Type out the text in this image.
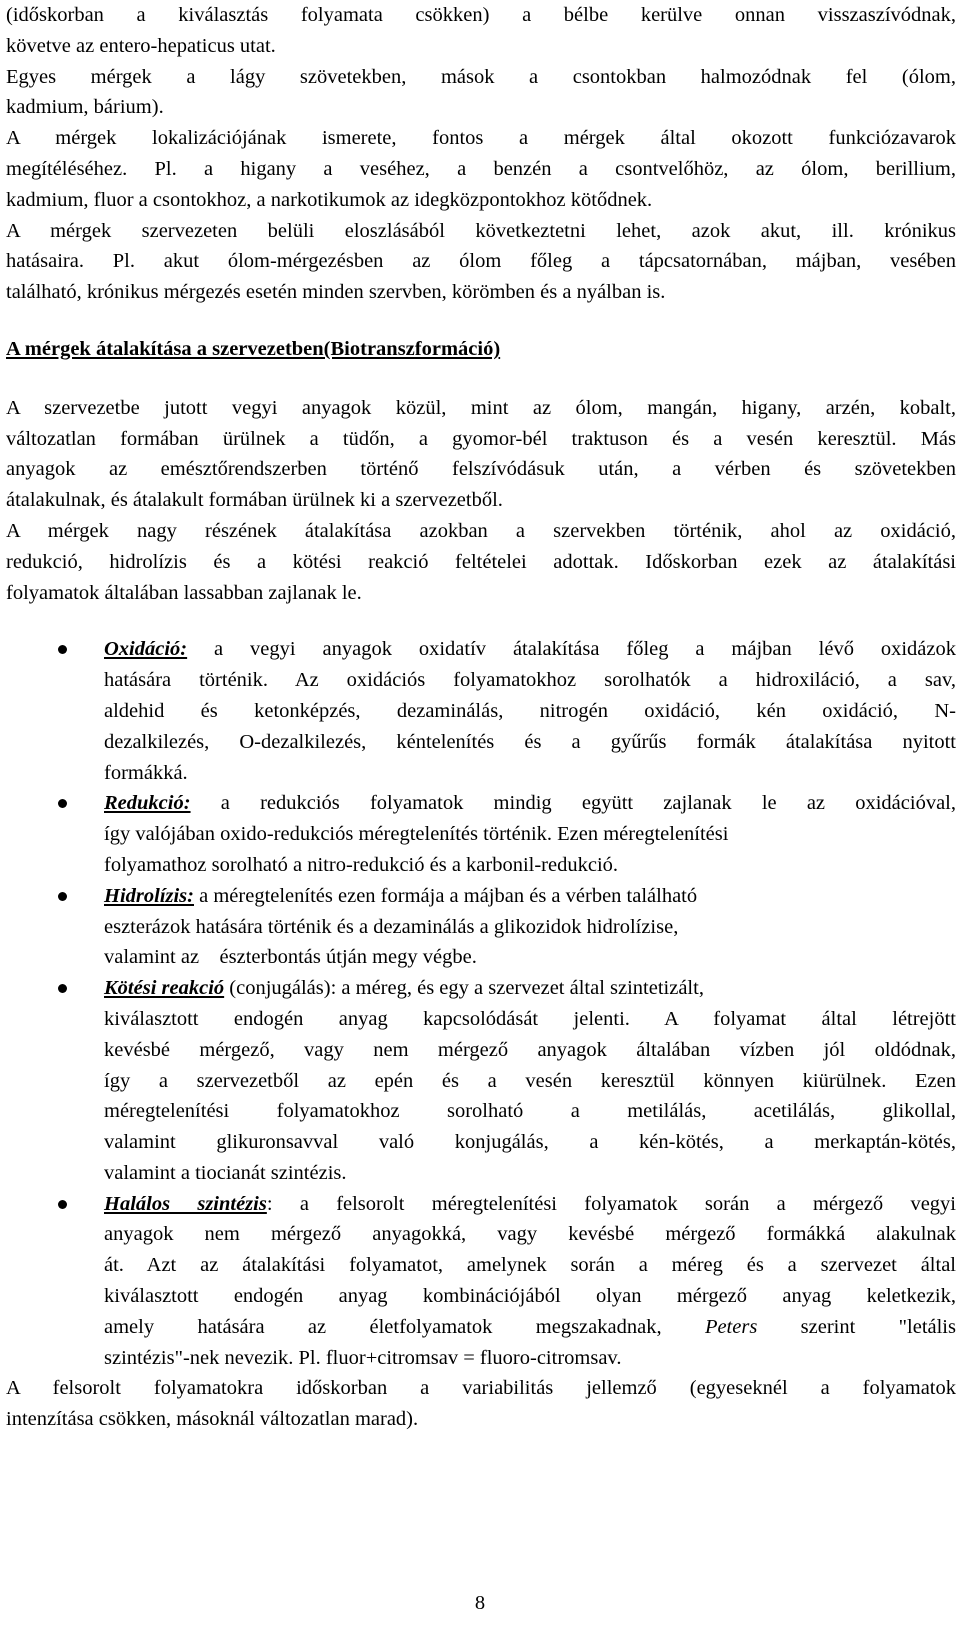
(időskorban a kiválasztás folyamata csökken) a bélbe kerülve onnan visszaszívódnak,
követve az entero-hepaticus utat.
Egyes mérgek a lágy szövetekben, mások a csontokban halmozódnak fel (ólom,
kadmium, bárium).
A mérgek lokalizációjának ismerete, fontos a mérgek által okozott funkciózavarok
megítéléséhez. Pl. a higany a veséhez, a benzén a csontvelőhöz, az ólom, berillium,
kadmium, fluor a csontokhoz, a narkotikumok az idegközpontokhoz kötődnek.
A mérgek szervezeten belüli eloszlásából következtetni lehet, azok akut, ill. krónikus
hatásaira. Pl. akut ólom-mérgezésben az ólom főleg a tápcsatornában, májban, vesében
található, krónikus mérgezés esetén minden szervben, körömben és a nyálban is.
A mérgek átalakítása a szervezetben(Biotranszformáció)
A szervezetbe jutott vegyi anyagok közül, mint az ólom, mangán, higany, arzén, kobalt,
változatlan formában ürülnek a tüdőn, a gyomor-bél traktuson és a vesén keresztül. Más
anyagok az emésztőrendszerben történő felszívódásuk után, a vérben és szövetekben
átalakulnak, és átalakult formában ürülnek ki a szervezetből.
A mérgek nagy részének átalakítása azokban a szervekben történik, ahol az oxidáció,
redukció, hidrolízis és a kötési reakció feltételei adottak. Időskorban ezek az átalakítási
folyamatok általában lassabban zajlanak le.
Oxidáció: a vegyi anyagok oxidatív átalakítása főleg a májban lévő oxidázok
hatására történik. Az oxidációs folyamatokhoz sorolhatók a hidroxiláció, a sav,
aldehid és ketonképzés, dezaminálás, nitrogén oxidáció, kén oxidáció, N-
dezalkilezés, O-dezalkilezés, kéntelenítés és a gyűrűs formák átalakítása nyitott
formákká.
Redukció: a redukciós folyamatok mindig együtt zajlanak le az oxidációval,
így valójában oxido-redukciós méregtelenítés történik. Ezen méregtelenítési
folyamathoz sorolható a nitro-redukció és a karbonil-redukció.
Hidrolízis: a méregtelenítés ezen formája a májban és a vérben található
eszterázok hatására történik és a dezaminálás a glikozidok hidrolízise,
valamint az    észterbontás útján megy végbe.
Kötési reakció (conjugálás): a méreg, és egy a szervezet által szintetizált,
kiválasztott endogén anyag kapcsolódását jelenti. A folyamat által létrejött
kevésbé mérgező, vagy nem mérgező anyagok általában vízben jól oldódnak,
így a szervezetből az epén és a vesén keresztül könnyen kiürülnek. Ezen
méregtelenítési folyamatokhoz sorolható a metilálás, acetilálás, glikollal,
valamint glikuronsavval való konjugálás, a kén-kötés, a merkaptán-kötés,
valamint a tiocianát szintézis.
Halálos szintézis: a felsorolt méregtelenítési folyamatok során a mérgező vegyi
anyagok nem mérgező anyagokká, vagy kevésbé mérgező formákká alakulnak
át. Azt az átalakítási folyamatot, amelynek során a méreg és a szervezet által
kiválasztott endogén anyag kombinációjából olyan mérgező anyag keletkezik,
amely hatására az életfolyamatok megszakadnak, Peters szerint "letális
szintézis"-nek nevezik. Pl. fluor+citromsav = fluoro-citromsav.
A felsorolt folyamatokra időskorban a variabilitás jellemző (egyeseknél a folyamatok
intenzítása csökken, másoknál változatlan marad).
8
